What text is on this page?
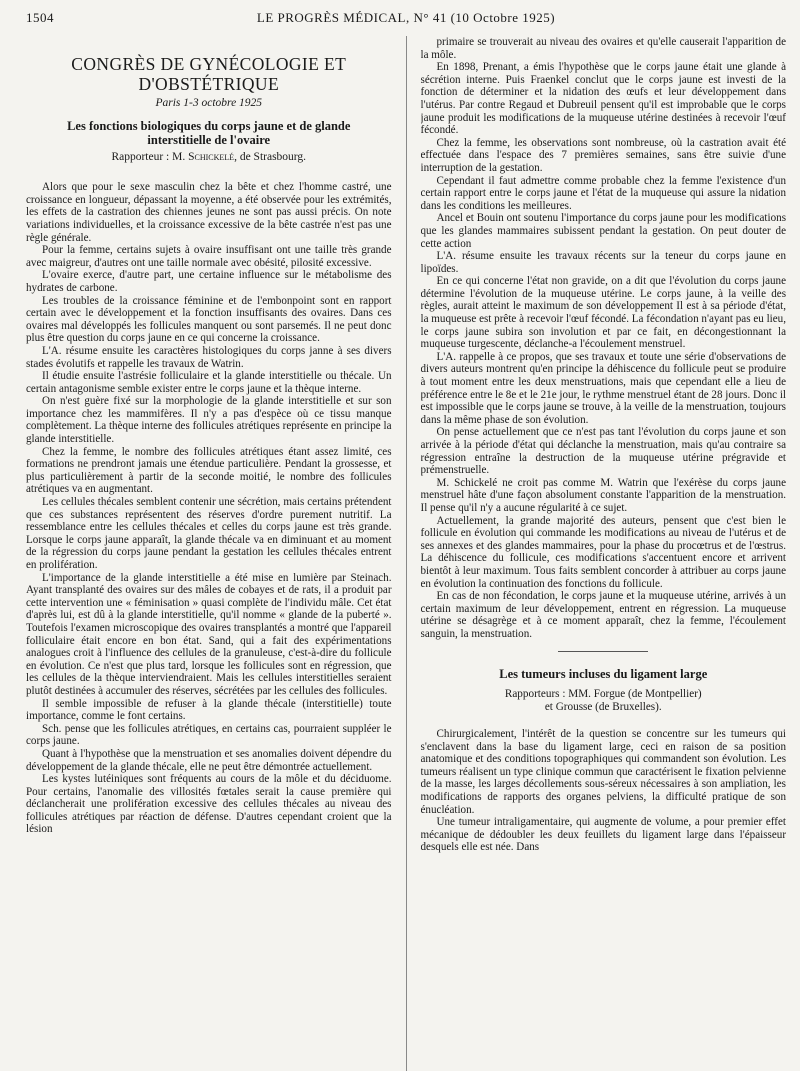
1504	LE PROGRÈS MÉDICAL, N° 41 (10 Octobre 1925)
CONGRÈS DE GYNÉCOLOGIE ET D'OBSTÉTRIQUE
Paris 1-3 octobre 1925
Les fonctions biologiques du corps jaune et de glande interstitielle de l'ovaire
Rapporteur : M. Schickelé, de Strasbourg.

Alors que pour le sexe masculin chez la bête et chez l'homme castré, une croissance en longueur, dépassant la moyenne, a été observée pour les extrémités, les effets de la castration des chiennes jeunes ne sont pas aussi précis. On note variations individuelles, et la croissance excessive de la bête castrée n'est pas une règle générale.

Pour la femme, certains sujets à ovaire insuffisant ont une taille très grande avec maigreur, d'autres ont une taille normale avec obésité, pilosité excessive.

L'ovaire exerce, d'autre part, une certaine influence sur le métabolisme des hydrates de carbone.

Les troubles de la croissance féminine et de l'embonpoint sont en rapport certain avec le développement et la fonction insuffisants des ovaires. Dans ces ovaires mal développés les follicules manquent ou sont parsemés. Il ne peut donc plus être question du corps jaune en ce qui concerne la croissance.

L'A. résume ensuite les caractères histologiques du corps janne à ses divers stades évolutifs et rappelle les travaux de Watrin.

Il étudie ensuite l'astrésie folliculaire et la glande interstitielle ou thécale. Un certain antagonisme semble exister entre le corps jaune et la thèque interne.

On n'est guère fixé sur la morphologie de la glande interstitielle et sur son importance chez les mammifères. Il n'y a pas d'espèce où ce tissu manque complètement. La thèque interne des follicules atrétiques représente en principe la glande interstitielle.

Chez la femme, le nombre des follicules atrétiques étant assez limité, ces formations ne prendront jamais une étendue particulière. Pendant la grossesse, et plus particulièrement à partir de la seconde moitié, le nombre des follicules atrétiques va en augmentant.

Les cellules thécales semblent contenir une sécrétion, mais certains prétendent que ces substances représentent des réserves d'ordre purement nutritif. La ressemblance entre les cellules thécales et celles du corps jaune est très grande. Lorsque le corps jaune apparaît, la glande thécale va en diminuant et au moment de la régression du corps jaune pendant la gestation les cellules thécales entrent en prolifération.

L'importance de la glande interstitielle a été mise en lumière par Steinach. Ayant transplanté des ovaires sur des mâles de cobayes et de rats, il a produit par cette intervention une « féminisation » quasi complète de l'individu mâle. Cet état d'après lui, est dû à la glande interstitielle, qu'il nomme « glande de la puberté ». Toutefois l'examen microscopique des ovaires transplantés a montré que l'appareil folliculaire était encore en bon état. Sand, qui a fait des expérimentations analogues croit à l'influence des cellules de la granuleuse, c'est-à-dire du follicule en évolution. Ce n'est que plus tard, lorsque les follicules sont en régression, que les cellules de la thèque interviendraient. Mais les cellules interstitielles seraient plutôt destinées à accumuler des réserves, sécrétées par les cellules des follicules.

Il semble impossible de refuser à la glande thécale (interstitielle) toute importance, comme le font certains.

Sch. pense que les follicules atrétiques, en certains cas, pourraient suppléer le corps jaune.

Quant à l'hypothèse que la menstruation et ses anomalies doivent dépendre du développement de la glande thécale, elle ne peut être démontrée actuellement.

Les kystes lutéiniques sont fréquents au cours de la môle et du déciduome. Pour certains, l'anomalie des villosités fœtales serait la cause première qui déclancherait une prolifération excessive des cellules thécales au niveau des follicules atrétiques par réaction de défense. D'autres cependant croient que la lésion

primaire se trouverait au niveau des ovaires et qu'elle causerait l'apparition de la môle.

En 1898, Prenant, a émis l'hypothèse que le corps jaune était une glande à sécrétion interne. Puis Fraenkel conclut que le corps jaune est investi de la fonction de déterminer et la nidation des œufs et leur développement dans l'utérus. Par contre Regaud et Dubreuil pensent qu'il est improbable que le corps jaune produit les modifications de la muqueuse utérine destinées à recevoir l'œuf fécondé.

Chez la femme, les observations sont nombreuse, où la castration avait été effectuée dans l'espace des 7 premières semaines, sans être suivie d'une interruption de la gestation.

Cependant il faut admettre comme probable chez la femme l'existence d'un certain rapport entre le corps jaune et l'état de la muqueuse qui assure la nidation dans les conditions les meilleures.

Ancel et Bouin ont soutenu l'importance du corps jaune pour les modifications que les glandes mammaires subissent pendant la gestation. On peut douter de cette action

L'A. résume ensuite les travaux récents sur la teneur du corps jaune en lipoïdes.

En ce qui concerne l'état non gravide, on a dit que l'évolution du corps jaune détermine l'évolution de la muqueuse utérine. Le corps jaune, à la veille des règles, aurait atteint le maximum de son développement Il est à sa période d'état, la muqueuse est prête à recevoir l'œuf fécondé. La fécondation n'ayant pas eu lieu, le corps jaune subira son involution et par ce fait, en décongestionnant la muqueuse turgescente, déclanche-a l'écoulement menstruel.

L'A. rappelle à ce propos, que ses travaux et toute une série d'observations de divers auteurs montrent qu'en principe la déhiscence du follicule peut se produire à tout moment entre les deux menstruations, mais que cependant elle a lieu de préférence entre le 8e et le 21e jour, le rythme menstruel étant de 28 jours. Donc il est impossible que le corps jaune se trouve, à la veille de la menstruation, toujours dans la même phase de son évolution.

On pense actuellement que ce n'est pas tant l'évolution du corps jaune et son arrivée à la période d'état qui déclanche la menstruation, mais qu'au contraire sa régression entraîne la destruction de la muqueuse utérine prégravide et prémenstruelle.

M. Schickelé ne croit pas comme M. Watrin que l'exérèse du corps jaune menstruel hâte d'une façon absolument constante l'apparition de la menstruation. Il pense qu'il n'y a aucune régularité à ce sujet.

Actuellement, la grande majorité des auteurs, pensent que c'est bien le follicule en évolution qui commande les modifications au niveau de l'utérus et de ses annexes et des glandes mammaires, pour la phase du procœtrus et de l'œstrus. La déhiscence du follicule, ces modifications s'accentuent encore et arrivent bientôt à leur maximum. Tous faits semblent concorder à attribuer au corps jaune en évolution la continuation des fonctions du follicule.

En cas de non fécondation, le corps jaune et la muqueuse utérine, arrivés à un certain maximum de leur développement, entrent en régression. La muqueuse utérine se désagrège et à ce moment apparaît, chez la femme, l'écoulement sanguin, la menstruation.

Les tumeurs incluses du ligament large
Rapporteurs : MM. Forgue (de Montpellier)
et Grousse (de Bruxelles).

Chirurgicalement, l'intérêt de la question se concentre sur les tumeurs qui s'enclavent dans la base du ligament large, ceci en raison de sa position anatomique et des conditions topographiques qui commandent son évolution. Les tumeurs réalisent un type clinique commun que caractérisent le fixation pelvienne de la masse, les larges décollements sous-séreux nécessaires à son ampliation, les modifications de rapports des organes pelviens, la difficulté pratique de son énucléation.

Une tumeur intraligamentaire, qui augmente de volume, a pour premier effet mécanique de dédoubler les deux feuillets du ligament large dans l'épaisseur desquels elle est née. Dans
